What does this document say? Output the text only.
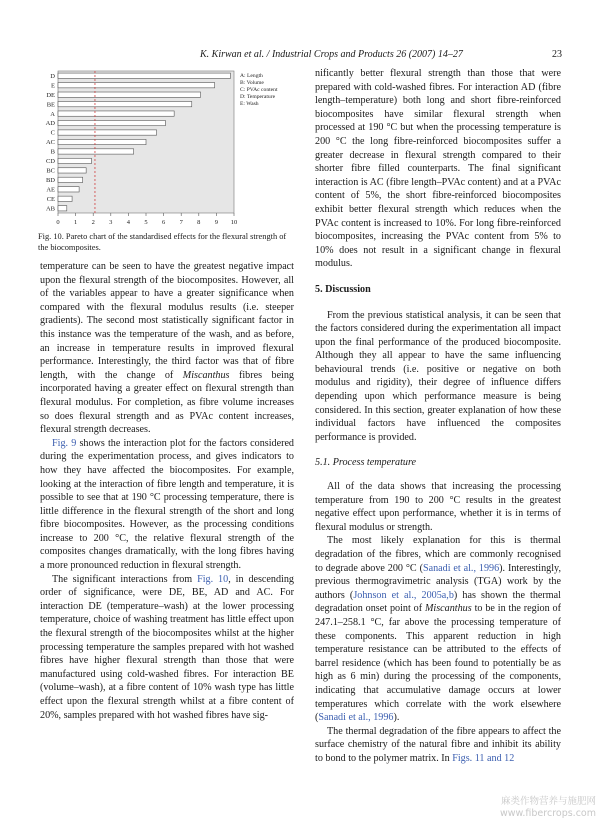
K. Kirwan et al. / Industrial Crops and Products 26 (2007) 14–27	23
D
E
DE
BE
A
AD
C
AC
B
CD
BC
BD
AE
CE
AB
0 1 2 3 4 5 6 7 8 9 10
A: Length
B: Volume
C: PVAc content
D: Temperature
E: Wash
Fig. 10. Pareto chart of the standardised effects for the flexural strength of the biocomposites.

temperature can be seen to have the greatest negative impact upon the flexural strength of the biocomposites. However, all of the variables appear to have a greater significance when compared with the flexural modulus results (i.e. steeper gradients). The second most statistically significant factor in this instance was the temperature of the wash, and as before, an increase in temperature results in improved flexural performance. Interestingly, the third factor was that of fibre length, with the change of Miscanthus fibres being incorporated having a greater effect on flexural strength than flexural modulus. For completion, as fibre volume increases so does flexural strength and as PVAc content increases, flexural strength decreases.

Fig. 9 shows the interaction plot for the factors considered during the experimentation process, and gives indicators to how they have affected the biocomposites. For example, looking at the interaction of fibre length and temperature, it is possible to see that at 190 °C processing temperature, there is little difference in the flexural strength of the short and long fibre biocomposites. However, as the processing conditions increase to 200 °C, the relative flexural strength of the composites changes dramatically, with the long fibres having a more pronounced reduction in flexural strength.

The significant interactions from Fig. 10, in descending order of significance, were DE, BE, AD and AC. For interaction DE (temperature–wash) at the lower processing temperature, choice of washing treatment has little effect upon the flexural strength of the biocomposites whilst at the higher processing temperature the samples prepared with hot washed fibres have higher flexural strength than those that were manufactured using cold-washed fibres. For interaction BE (volume–wash), at a fibre content of 10% wash type has little effect upon the flexural strength whilst at a fibre content of 20%, samples prepared with hot washed fibres have sig-

nificantly better flexural strength than those that were prepared with cold-washed fibres. For interaction AD (fibre length–temperature) both long and short fibre-reinforced biocomposites have similar flexural strength when processed at 190 °C but when the processing temperature is 200 °C the long fibre-reinforced biocomposites suffer a greater decrease in flexural strength compared to their shorter fibre filled counterparts. The final significant interaction is AC (fibre length–PVAc content) and at a PVAc content of 5%, the short fibre-reinforced biocomposites exhibit better flexural strength which reduces when the PVAc content is increased to 10%. For long fibre-reinforced biocomposites, increasing the PVAc content from 5% to 10% does not result in a significant change in flexural modulus.

5. Discussion

From the previous statistical analysis, it can be seen that the factors considered during the experimentation all impact upon the final performance of the produced biocomposite. Although they all appear to have the same influencing behavioural trends (i.e. positive or negative on both modulus and rigidity), their degree of influence differs depending upon which performance measure is being considered. In this section, greater explanation of how these individual factors have influenced the composites performance is provided.

5.1. Process temperature

All of the data shows that increasing the processing temperature from 190 to 200 °C results in the greatest negative effect upon performance, whether it is in terms of flexural modulus or strength.

The most likely explanation for this is thermal degradation of the fibres, which are commonly recognised to degrade above 200 °C (Sanadi et al., 1996). Interestingly, previous thermogravimetric analysis (TGA) work by the authors (Johnson et al., 2005a,b) has shown the thermal degradation onset point of Miscanthus to be in the region of 247.1–258.1 °C, far above the processing temperature of these components. This apparent reduction in high temperature resistance can be attributed to the effects of barrel residence (which has been found to potentially be as high as 6 min) during the processing of the components, indicating that accumulative damage occurs at lower temperatures which correlate with the work elsewhere (Sanadi et al., 1996).

The thermal degradation of the fibre appears to affect the surface chemistry of the natural fibre and inhibit its ability to bond to the polymer matrix. In Figs. 11 and 12

麻类作物营养与施肥网
www.fibercrops.com
